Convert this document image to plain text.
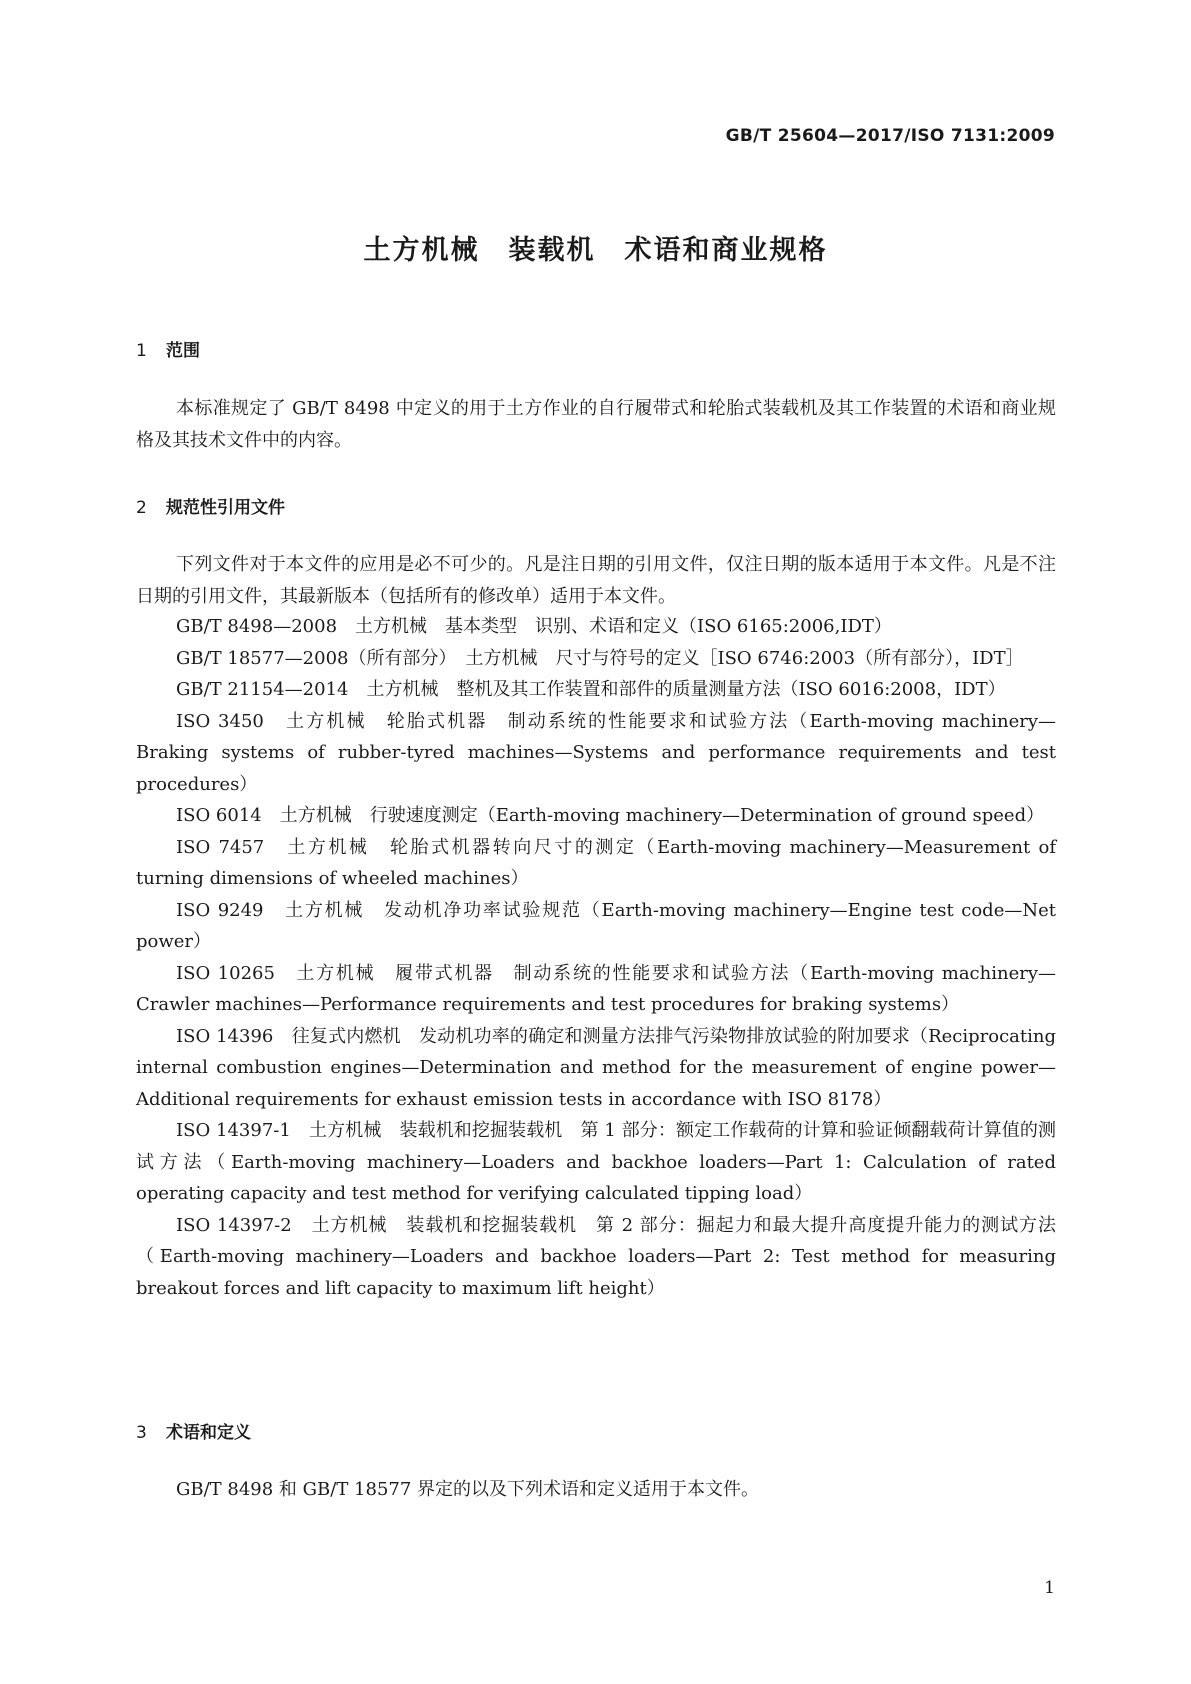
GB/T 25604—2017/ISO 7131:2009
土方机械　装载机　术语和商业规格
1 范围
本标准规定了 GB/T 8498 中定义的用于土方作业的自行履带式和轮胎式装载机及其工作装置的术语和商业规格及其技术文件中的内容。
2 规范性引用文件
下列文件对于本文件的应用是必不可少的。凡是注日期的引用文件，仅注日期的版本适用于本文件。凡是不注日期的引用文件，其最新版本（包括所有的修改单）适用于本文件。

GB/T 8498—2008　土方机械　基本类型　识别、术语和定义（ISO 6165:2006,IDT）

GB/T 18577—2008（所有部分）　土方机械　尺寸与符号的定义［ISO 6746:2003（所有部分），IDT］

GB/T 21154—2014　土方机械　整机及其工作装置和部件的质量测量方法（ISO 6016:2008，IDT）

ISO 3450　土方机械　轮胎式机器　制动系统的性能要求和试验方法（Earth-moving machinery—Braking systems of rubber-tyred machines—Systems and performance requirements and test procedures）

ISO 6014　土方机械　行驶速度测定（Earth-moving machinery—Determination of ground speed）

ISO 7457　土方机械　轮胎式机器转向尺寸的测定（Earth-moving machinery—Measurement of turning dimensions of wheeled machines）

ISO 9249　土方机械　发动机净功率试验规范（Earth-moving machinery—Engine test code—Net power）

ISO 10265　土方机械　履带式机器　制动系统的性能要求和试验方法（Earth-moving machinery—Crawler machines—Performance requirements and test procedures for braking systems）

ISO 14396　往复式内燃机　发动机功率的确定和测量方法排气污染物排放试验的附加要求（Reciprocating internal combustion engines—Determination and method for the measurement of engine power—Additional requirements for exhaust emission tests in accordance with ISO 8178）

ISO 14397-1　土方机械　装载机和挖掘装载机　第 1 部分：额定工作载荷的计算和验证倾翻载荷计算值的测试方法（Earth-moving machinery—Loaders and backhoe loaders—Part 1: Calculation of rated operating capacity and test method for verifying calculated tipping load）

ISO 14397-2　土方机械　装载机和挖掘装载机　第 2 部分：掘起力和最大提升高度提升能力的测试方法（Earth-moving machinery—Loaders and backhoe loaders—Part 2: Test method for measuring breakout forces and lift capacity to maximum lift height）

3 术语和定义
GB/T 8498 和 GB/T 18577 界定的以及下列术语和定义适用于本文件。
1
